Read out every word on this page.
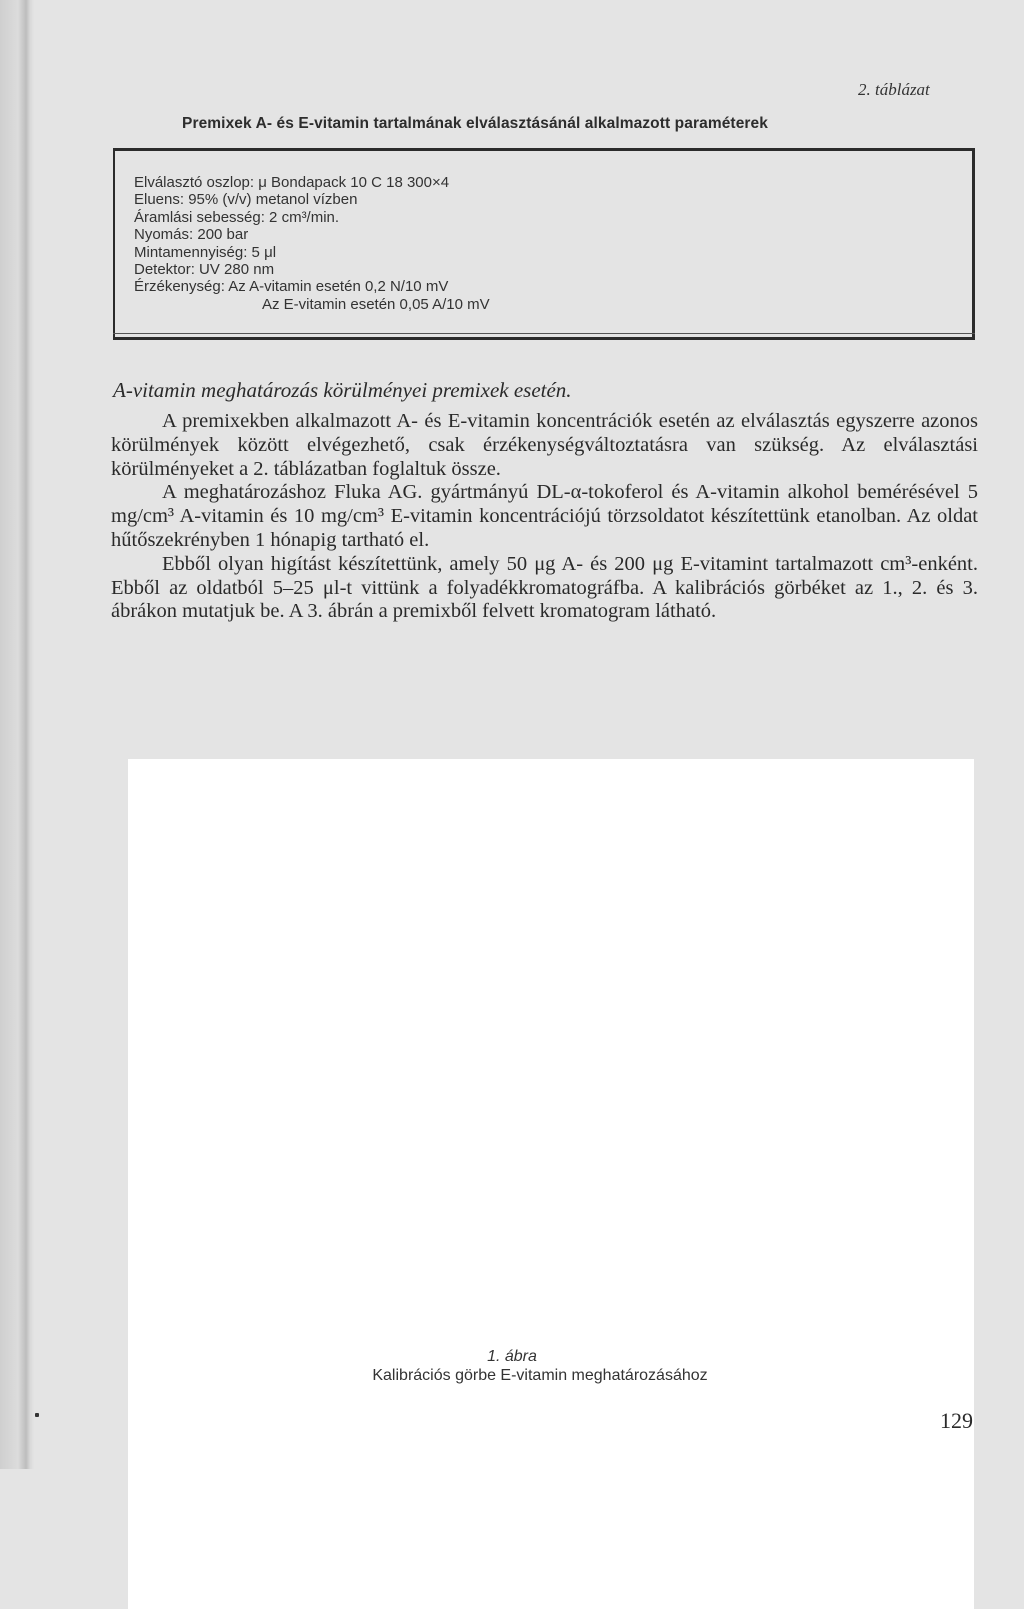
2. táblázat
Premixek A- és E-vitamin tartalmának elválasztásánál alkalmazott paraméterek
Elválasztó oszlop: μ Bondapack 10 C 18 300×4
Eluens: 95% (v/v) metanol vízben
Áramlási sebesség: 2 cm³/min.
Nyomás: 200 bar
Mintamennyiség: 5 μl
Detektor: UV 280 nm
Érzékenység: Az A-vitamin esetén 0,2 N/10 mV
Az E-vitamin esetén 0,05 A/10 mV
A-vitamin meghatározás körülményei premixek esetén.

A premixekben alkalmazott A- és E-vitamin koncentrációk esetén az elválasztás egyszerre azonos körülmények között elvégezhető, csak érzékenységváltoztatásra van szükség. Az elválasztási körülményeket a 2. táblázatban foglaltuk össze.

A meghatározáshoz Fluka AG. gyártmányú DL-α-tokoferol és A-vitamin alkohol bemérésével 5 mg/cm³ A-vitamin és 10 mg/cm³ E-vitamin koncentrációjú törzsoldatot készítettünk etanolban. Az oldat hűtőszekrényben 1 hónapig tartható el.

Ebből olyan higítást készítettünk, amely 50 μg A- és 200 μg E-vitamint tartalmazott cm³-enként. Ebből az oldatból 5–25 μl-t vittünk a folyadékkromatográfba. A kalibrációs görbéket az 1., 2. és 3. ábrákon mutatjuk be. A 3. ábrán a premixből felvett kromatogram látható.

1. ábra
Kalibrációs görbe E-vitamin meghatározásához
129
